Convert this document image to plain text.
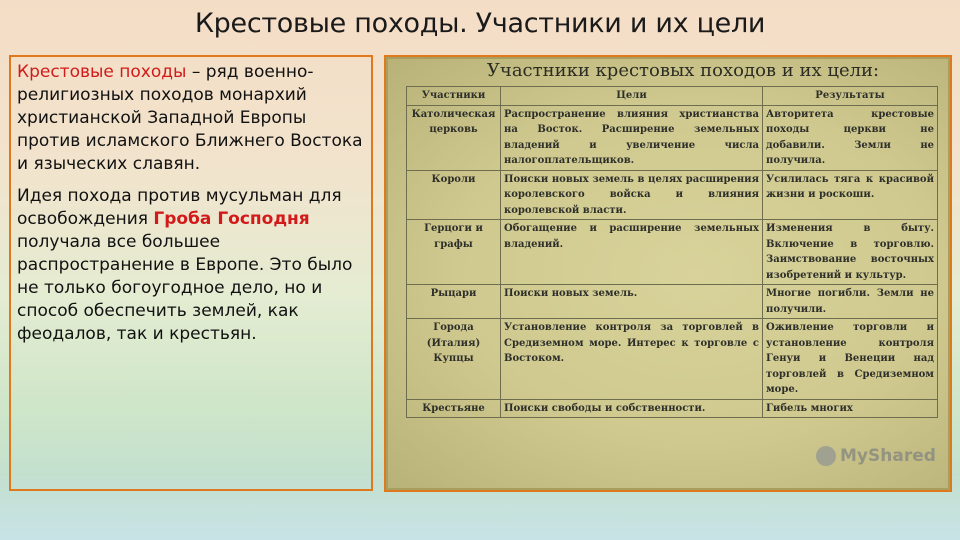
Крестовые походы. Участники и их цели

Крестовые походы – ряд военно-религиозных походов монархий христианской Западной Европы против исламского Ближнего Востока и языческих славян.

Идея похода против мусульман для освобождения Гроба Господня получала все большее распространение в Европе. Это было не только богоугодное дело, но и способ обеспечить землей, как феодалов, так и крестьян.

Участники крестовых походов и их цели:
Участники	Цели	Результаты
Католическая церковь	Распространение влияния христианства на Восток. Расширение земельных владений и увеличение числа налогоплательщиков.	Авторитета крестовые походы церкви не добавили. Земли не получила.
Короли	Поиски новых земель в целях расширения королевского войска и влияния королевской власти.	Усилилась тяга к красивой жизни и роскоши.
Герцоги и графы	Обогащение и расширение земельных владений.	Изменения в быту. Включение в торговлю. Заимствование восточных изобретений и культур.
Рыцари	Поиски новых земель.	Многие погибли. Земли не получили.
Города (Италия) Купцы	Установление контроля за торговлей в Средиземном море. Интерес к торговле с Востоком.	Оживление торговли и установление контроля Генуи и Венеции над торговлей в Средиземном море.
Крестьяне	Поиски свободы и собственности.	Гибель многих
MyShared
